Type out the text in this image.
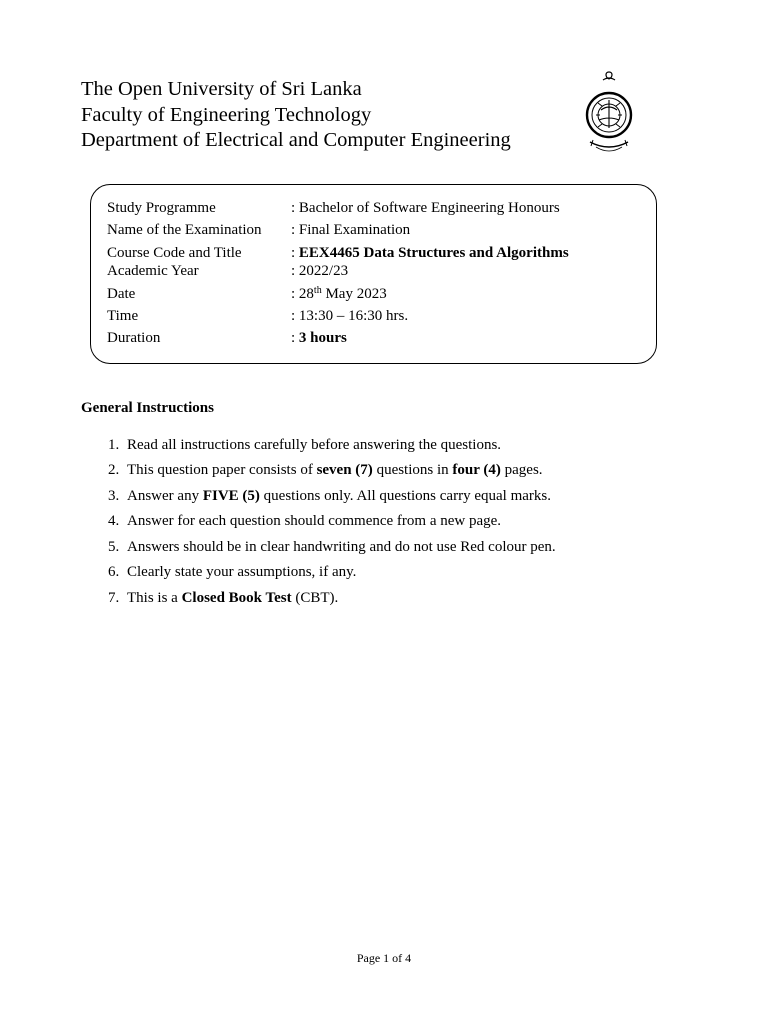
The Open University of Sri Lanka
Faculty of Engineering Technology
Department of Electrical and Computer Engineering
Study Programme	: Bachelor of Software Engineering Honours
Name of the Examination : Final Examination
Course Code and Title	: EEX4465 Data Structures and Algorithms
Academic Year	: 2022/23
Date	: 28th May 2023
Time	: 13:30 – 16:30 hrs.
Duration	: 3 hours
General Instructions
1. Read all instructions carefully before answering the questions.
2. This question paper consists of seven (7) questions in four (4) pages.
3. Answer any FIVE (5) questions only. All questions carry equal marks.
4. Answer for each question should commence from a new page.
5. Answers should be in clear handwriting and do not use Red colour pen.
6. Clearly state your assumptions, if any.
7. This is a Closed Book Test (CBT).
Page 1 of 4
